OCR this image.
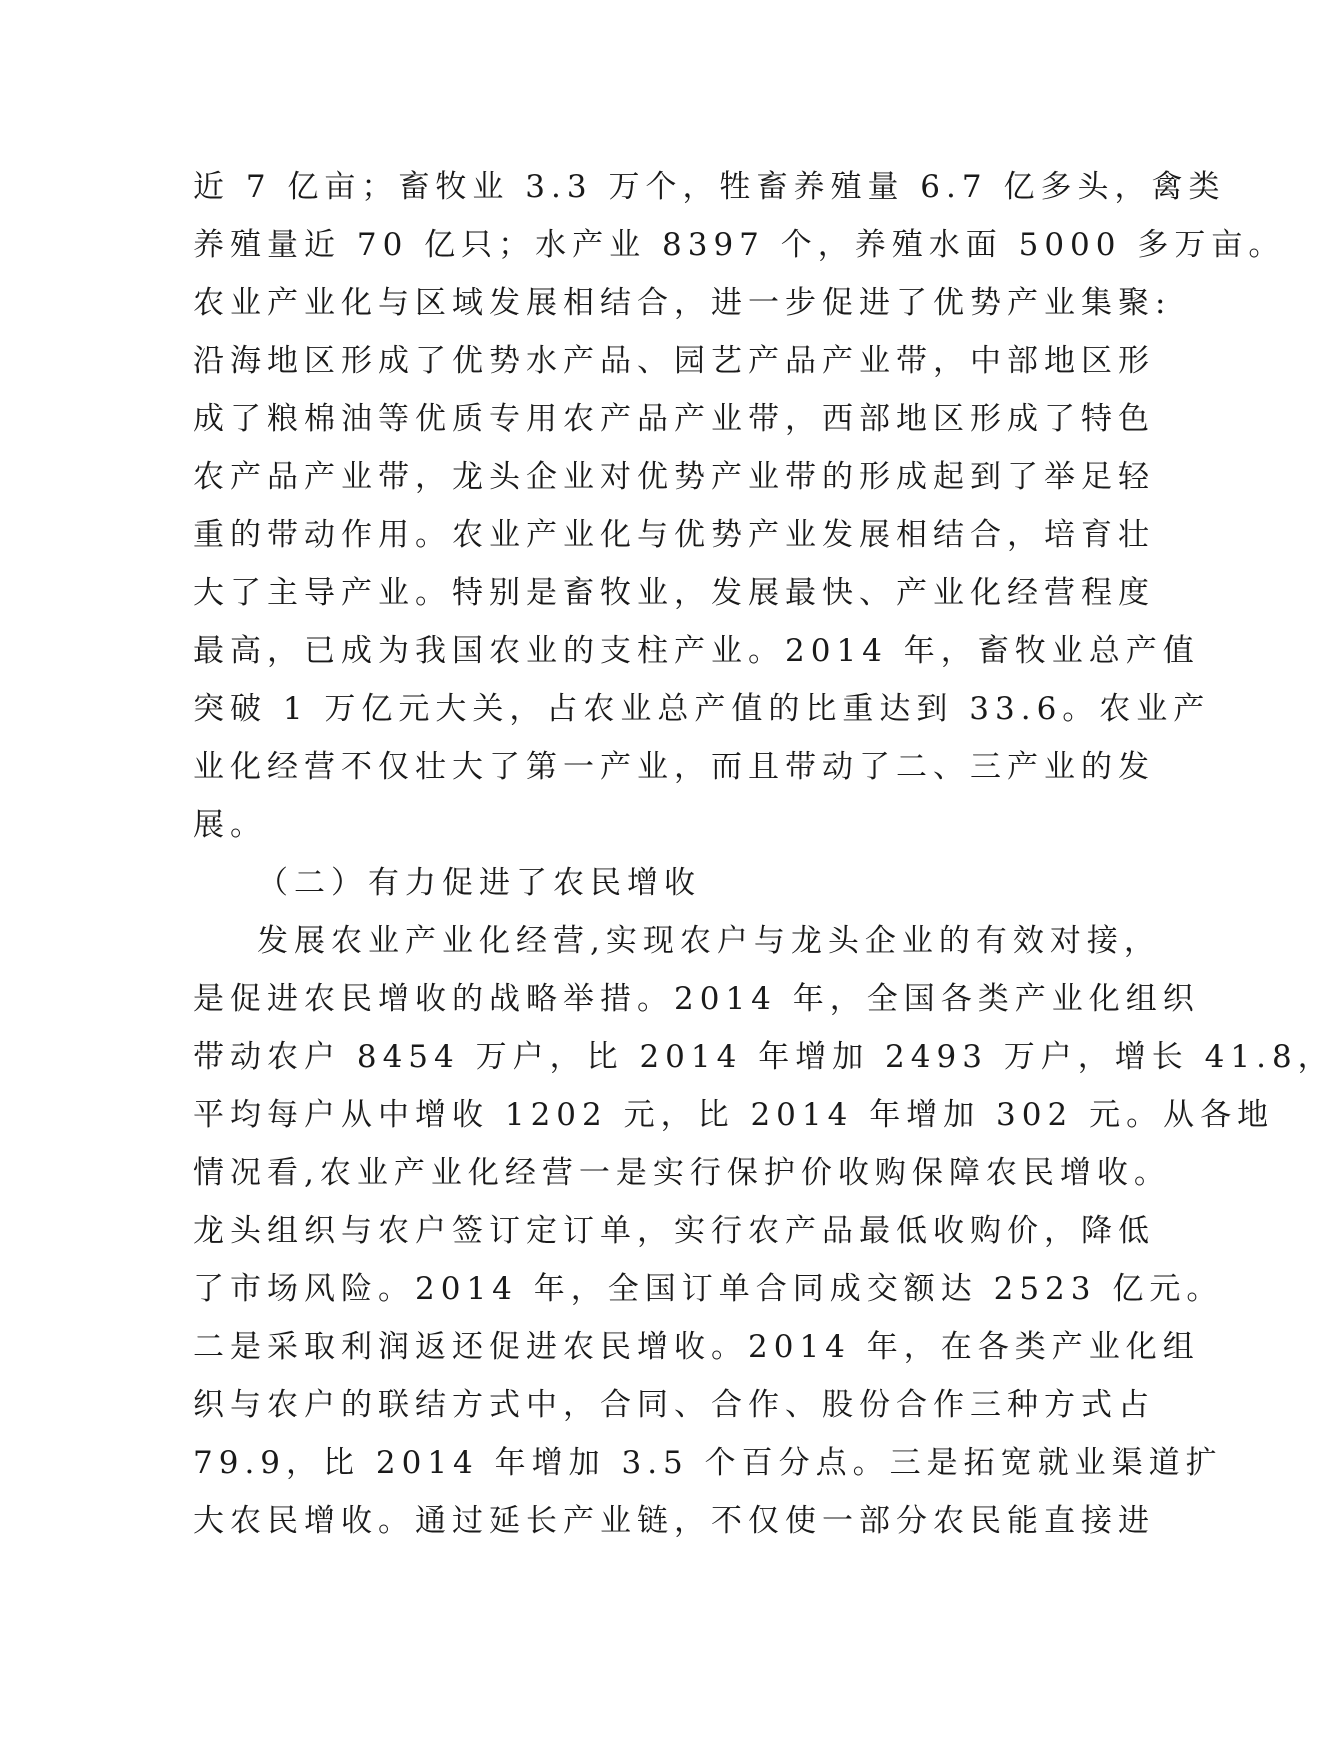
近 7 亿亩；畜牧业 3.3 万个，牲畜养殖量 6.7 亿多头，禽类
养殖量近 70 亿只；水产业 8397 个，养殖水面 5000 多万亩。
农业产业化与区域发展相结合，进一步促进了优势产业集聚:
沿海地区形成了优势水产品、园艺产品产业带，中部地区形
成了粮棉油等优质专用农产品产业带，西部地区形成了特色
农产品产业带，龙头企业对优势产业带的形成起到了举足轻
重的带动作用。农业产业化与优势产业发展相结合，培育壮
大了主导产业。特别是畜牧业，发展最快、产业化经营程度
最高，已成为我国农业的支柱产业。2014 年，畜牧业总产值
突破 1 万亿元大关，占农业总产值的比重达到 33.6。农业产
业化经营不仅壮大了第一产业，而且带动了二、三产业的发
展。
（二）有力促进了农民增收
发展农业产业化经营,实现农户与龙头企业的有效对接，
是促进农民增收的战略举措。2014 年，全国各类产业化组织
带动农户 8454 万户，比 2014 年增加 2493 万户，增长 41.8，
平均每户从中增收 1202 元，比 2014 年增加 302 元。从各地
情况看,农业产业化经营一是实行保护价收购保障农民增收。
龙头组织与农户签订定订单，实行农产品最低收购价，降低
了市场风险。2014 年，全国订单合同成交额达 2523 亿元。
二是采取利润返还促进农民增收。2014 年，在各类产业化组
织与农户的联结方式中，合同、合作、股份合作三种方式占
79.9，比 2014 年增加 3.5 个百分点。三是拓宽就业渠道扩
大农民增收。通过延长产业链，不仅使一部分农民能直接进
